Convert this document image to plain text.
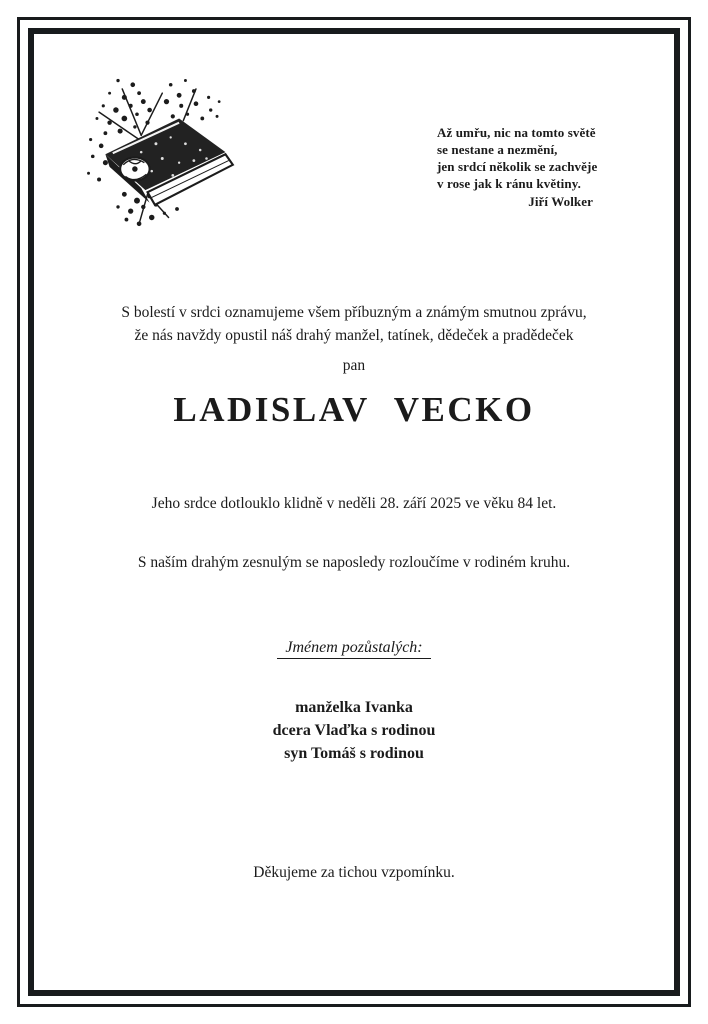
Až umřu, nic na tomto světě
se nestane a nezmění,
jen srdcí několik se zachvěje
v rose jak k ránu květiny.
Jiří Wolker
S bolestí v srdci oznamujeme všem příbuzným a známým smutnou zprávu,
že nás navždy opustil náš drahý manžel, tatínek, dědeček a pradědeček
pan
LADISLAV VECKO
Jeho srdce dotlouklo klidně v neděli 28. září 2025 ve věku 84 let.
S naším drahým zesnulým se naposledy rozloučíme v rodiném kruhu.
Jménem pozůstalých:
manželka Ivanka
dcera Vlaďka s rodinou
syn Tomáš s rodinou
Děkujeme za tichou vzpomínku.
